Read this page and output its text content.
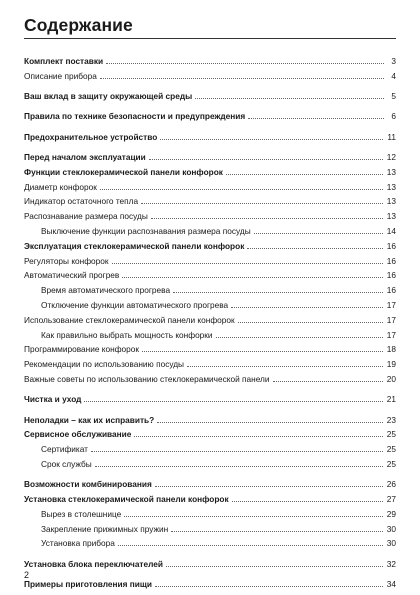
Содержание
Комплект поставки	3
Описание прибора	4
Ваш вклад в защиту окружающей среды	5
Правила по технике безопасности и предупреждения	6
Предохранительное устройство	11
Перед началом эксплуатации	12
Функции стеклокерамической панели конфорок	13
Диаметр конфорок	13
Индикатор остаточного тепла	13
Распознавание размера посуды	13
Выключение функции распознавания размера посуды	14
Эксплуатация стеклокерамической панели конфорок	16
Регуляторы конфорок	16
Автоматический прогрев	16
Время автоматического прогрева	16
Отключение функции автоматического прогрева	17
Использование стеклокерамической панели конфорок	17
Как правильно выбрать мощность конфорки	17
Программирование конфорок	18
Рекомендации по использованию посуды	19
Важные советы по использованию стеклокерамической панели	20
Чистка и уход	21
Неполадки – как их исправить?	23
Сервисное обслуживание	25
Сертификат	25
Срок службы	25
Возможности комбинирования	26
Установка стеклокерамической панели конфорок	27
Вырез в столешнице	29
Закрепление прижимных пружин	30
Установка прибора	30
Установка блока переключателей	32
Примеры приготовления пищи	34
2
